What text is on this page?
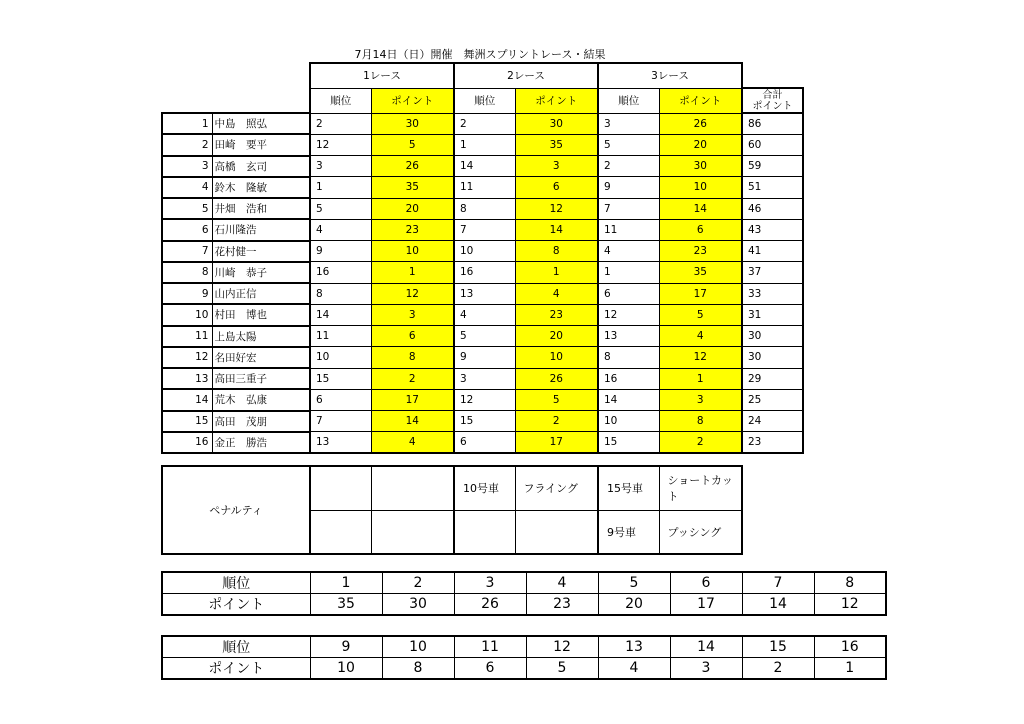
7月14日（日）開催　舞洲スプリントレース・結果
		1レース		2レース		3レース		
		順位	ポイント	順位	ポイント	順位	ポイント	合計
ポイント

1	中島　照弘	2	30	2	30	3	26	86
2	田崎　要平	12	5	1	35	5	20	60
3	高橋　玄司	3	26	14	3	2	30	59
4	鈴木　隆敏	1	35	11	6	9	10	51
5	井畑　浩和	5	20	8	12	7	14	46
6	石川隆浩	4	23	7	14	11	6	43
7	花村健一	9	10	10	8	4	23	41
8	川崎　恭子	16	1	16	1	1	35	37
9	山内正信	8	12	13	4	6	17	33
10	村田　博也	14	3	4	23	12	5	31
11	上島太陽	11	6	5	20	13	4	30
12	名田好宏	10	8	9	10	8	12	30
13	高田三重子	15	2	3	26	16	1	29
14	荒木　弘康	6	17	12	5	14	3	25
15	高田　茂朋	7	14	15	2	10	8	24
16	金正　勝浩	13	4	6	17	15	2	23
ペナルティ			10号車	フライング	15号車	ショートカット
					9号車	プッシング
順位	1	2	3	4	5	6	7	8
ポイント	35	30	26	23	20	17	14	12
順位	9	10	11	12	13	14	15	16
ポイント	10	8	6	5	4	3	2	1
